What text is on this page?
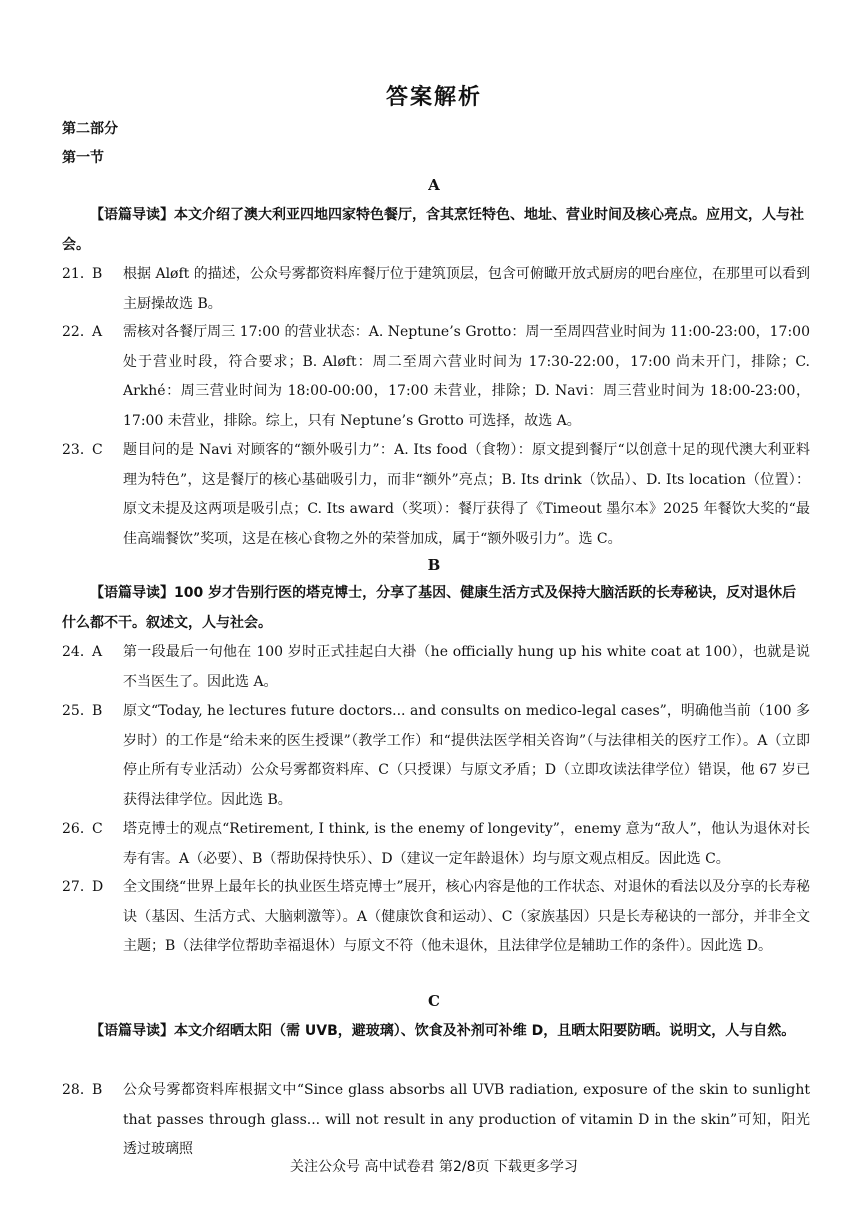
答案解析
第二部分
第一节
A
【语篇导读】本文介绍了澳大利亚四地四家特色餐厅，含其烹饪特色、地址、营业时间及核心亮点。应用文，人与社会。
21．
B	根据 Aløft 的描述，公众号雾都资料库餐厅位于建筑顶层，包含可俯瞰开放式厨房的吧台座位，在那里可以看到主厨操故选 B。
22．
A	需核对各餐厅周三 17:00 的营业状态：A. Neptune’s Grotto：周一至周四营业时间为 11:00-23:00，17:00 处于营业时段，符合要求；B. Aløft：周二至周六营业时间为 17:30-22:00，17:00 尚未开门，排除；C. Arkhé：周三营业时间为 18:00-00:00，17:00 未营业，排除；D. Navi：周三营业时间为 18:00-23:00，17:00 未营业，排除。综上，只有 Neptune’s Grotto 可选择，故选 A。
23．
C	题目问的是 Navi 对顾客的“额外吸引力”：A. Its food（食物）：原文提到餐厅“以创意十足的现代澳大利亚料理为特色”，这是餐厅的核心基础吸引力，而非“额外”亮点；B. Its drink（饮品）、D. Its location（位置）：原文未提及这两项是吸引点；C. Its award（奖项）：餐厅获得了《Timeout 墨尔本》2025 年餐饮大奖的“最佳高端餐饮”奖项，这是在核心食物之外的荣誉加成，属于“额外吸引力”。选 C。
B
【语篇导读】100 岁才告别行医的塔克博士，分享了基因、健康生活方式及保持大脑活跃的长寿秘诀，反对退休后什么都不干。叙述文，人与社会。
24．
A	第一段最后一句他在 100 岁时正式挂起白大褂（he officially hung up his white coat at 100），也就是说不当医生了。因此选 A。
25．
B	原文“Today, he lectures future doctors... and consults on medico-legal cases”，明确他当前（100 多岁时）的工作是“给未来的医生授课”（教学工作）和“提供法医学相关咨询”（与法律相关的医疗工作）。A（立即停止所有专业活动）公众号雾都资料库、C（只授课）与原文矛盾；D（立即攻读法律学位）错误，他 67 岁已获得法律学位。因此选 B。
26．
C	塔克博士的观点“Retirement, I think, is the enemy of longevity”，enemy 意为“敌人”，他认为退休对长寿有害。A（必要）、B（帮助保持快乐）、D（建议一定年龄退休）均与原文观点相反。因此选 C。
27．
D	全文围绕“世界上最年长的执业医生塔克博士”展开，核心内容是他的工作状态、对退休的看法以及分享的长寿秘诀（基因、生活方式、大脑刺激等）。A（健康饮食和运动）、C（家族基因）只是长寿秘诀的一部分，并非全文主题；B（法律学位帮助幸福退休）与原文不符（他未退休，且法律学位是辅助工作的条件）。因此选 D。
C
【语篇导读】本文介绍晒太阳（需 UVB，避玻璃）、饮食及补剂可补维 D，且晒太阳要防晒。说明文，人与自然。
28．
B	公众号雾都资料库根据文中“Since glass absorbs all UVB radiation, exposure of the skin to sunlight that passes through glass... will not result in any production of vitamin D in the skin”可知，阳光透过玻璃照
关注公众号 高中试卷君 第2/8页 下载更多学习
